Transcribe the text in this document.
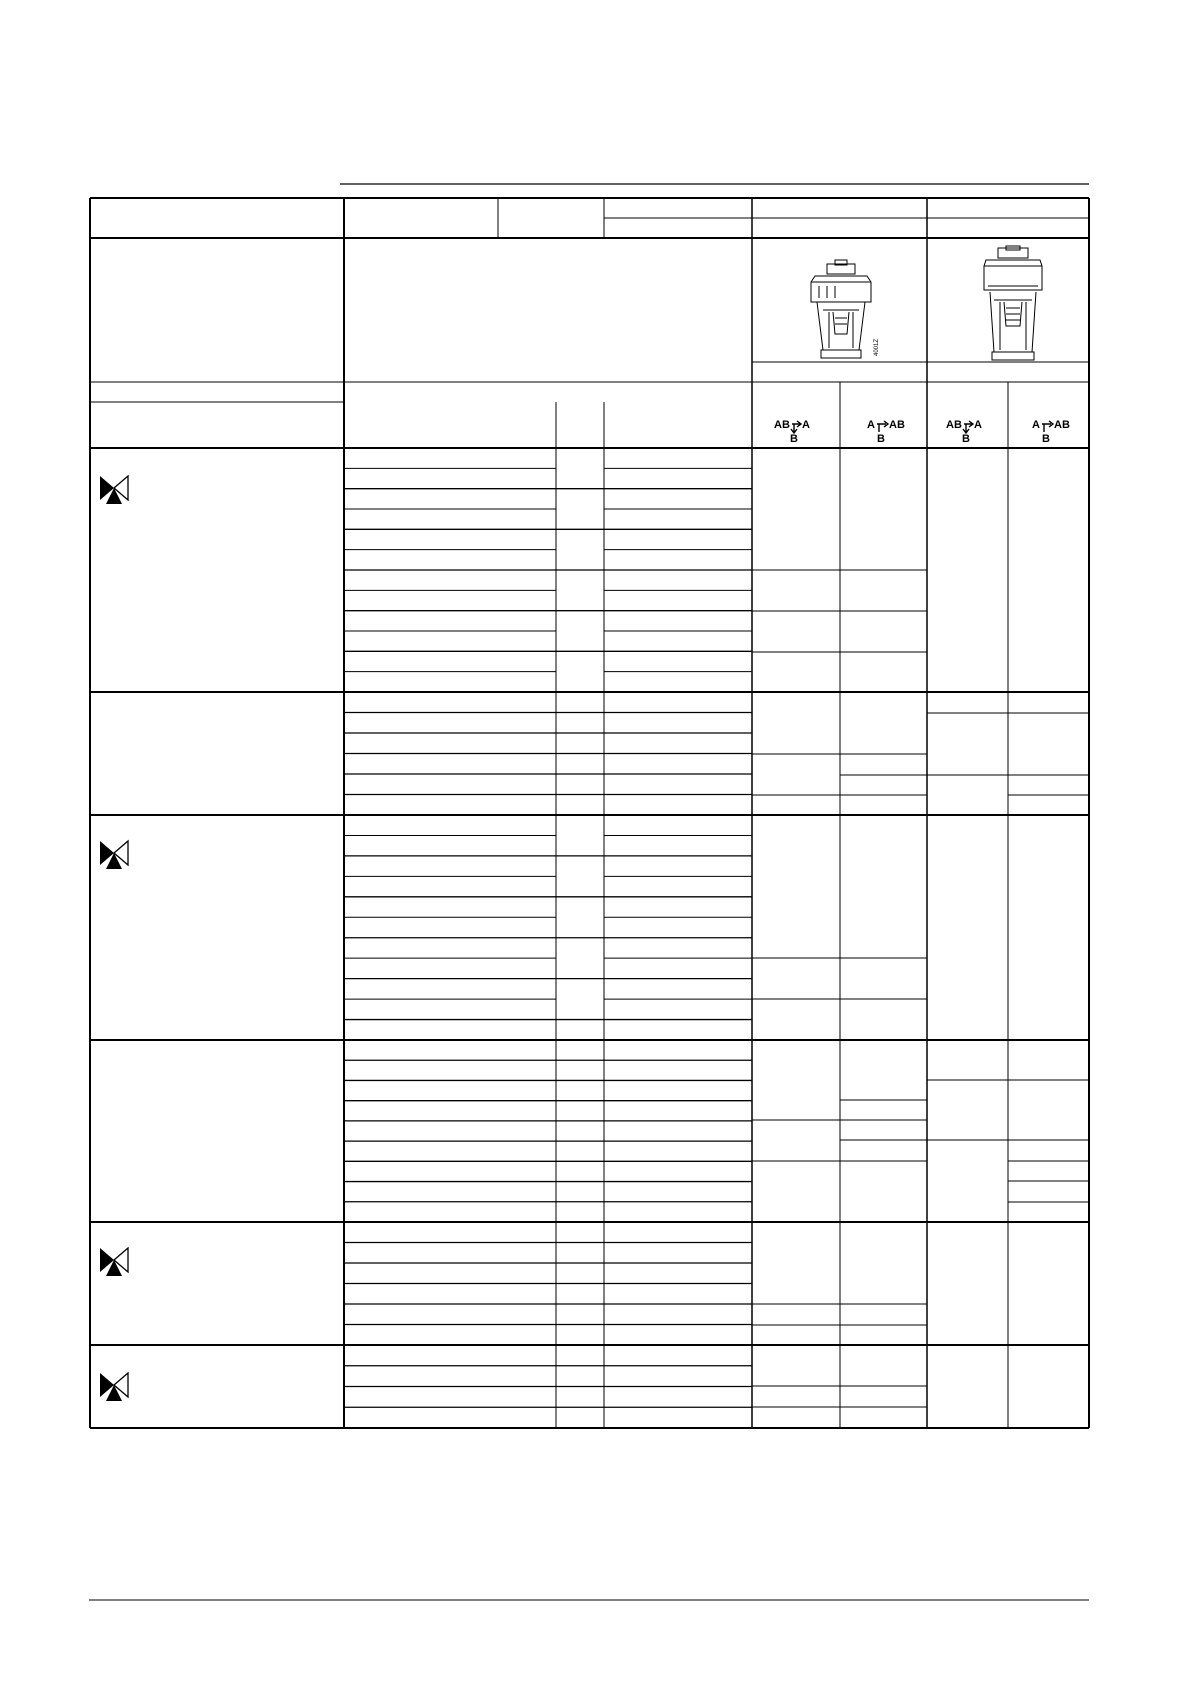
4001Z
AB A
B
A AB
B
AB A
B
A AB
B
